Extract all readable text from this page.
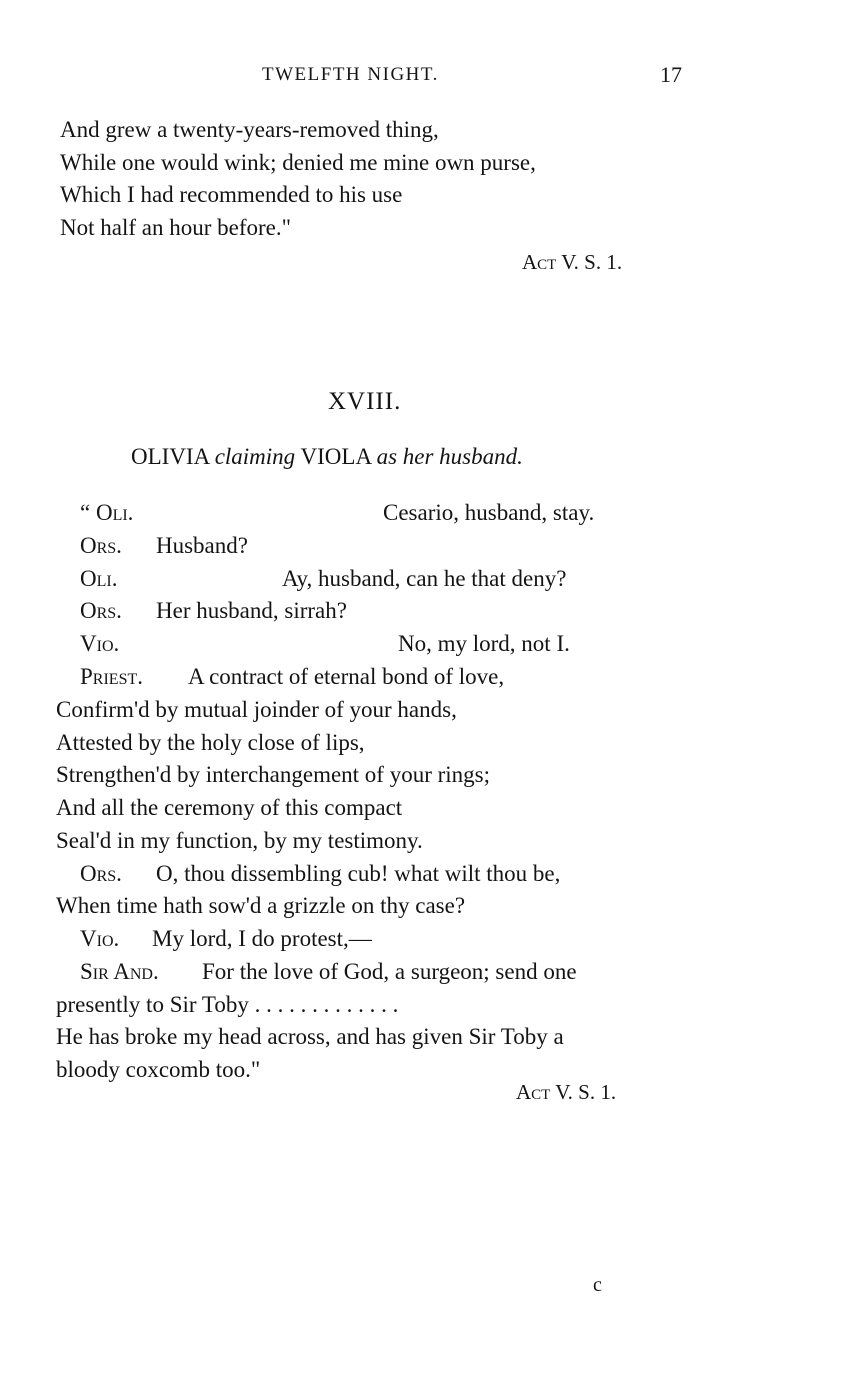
TWELFTH NIGHT.	17
And grew a twenty-years-removed thing,
While one would wink; denied me mine own purse,
Which I had recommended to his use
Not half an hour before."
Act V. S. 1.
XVIII.
OLIVIA claiming VIOLA as her husband.
“ Oli.	Cesario, husband, stay.
Ors. Husband?
Oli.	Ay, husband, can he that deny?
Ors. Her husband, sirrah?
Vio.	No, my lord, not I.
Priest. A contract of eternal bond of love,
Confirm'd by mutual joinder of your hands,
Attested by the holy close of lips,
Strengthen'd by interchangement of your rings;
And all the ceremony of this compact
Seal'd in my function, by my testimony.
Ors. O, thou dissembling cub! what wilt thou be,
When time hath sow'd a grizzle on thy case?
Vio. My lord, I do protest,—
Sir And. For the love of God, a surgeon; send one
presently to Sir Toby . . . . . . . . . . . . .
He has broke my head across, and has given Sir Toby a
bloody coxcomb too."
Act V. S. 1.
c
